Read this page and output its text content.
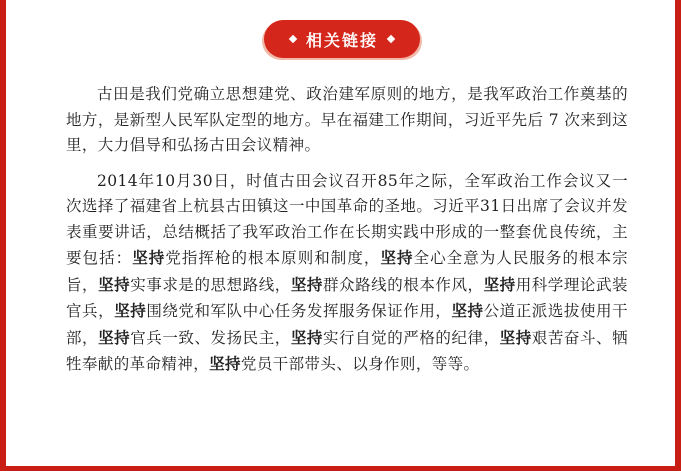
相关链接

古田是我们党确立思想建党、政治建军原则的地方，是我军政治工作奠基的地方，是新型人民军队定型的地方。早在福建工作期间，习近平先后 7 次来到这里，大力倡导和弘扬古田会议精神。

2014年10月30日，时值古田会议召开85年之际，全军政治工作会议又一次选择了福建省上杭县古田镇这一中国革命的圣地。习近平31日出席了会议并发表重要讲话，总结概括了我军政治工作在长期实践中形成的一整套优良传统，主要包括：坚持党指挥枪的根本原则和制度，坚持全心全意为人民服务的根本宗旨，坚持实事求是的思想路线，坚持群众路线的根本作风，坚持用科学理论武装官兵，坚持围绕党和军队中心任务发挥服务保证作用，坚持公道正派选拔使用干部，坚持官兵一致、发扬民主，坚持实行自觉的严格的纪律，坚持艰苦奋斗、牺牲奉献的革命精神，坚持党员干部带头、以身作则，等等。
